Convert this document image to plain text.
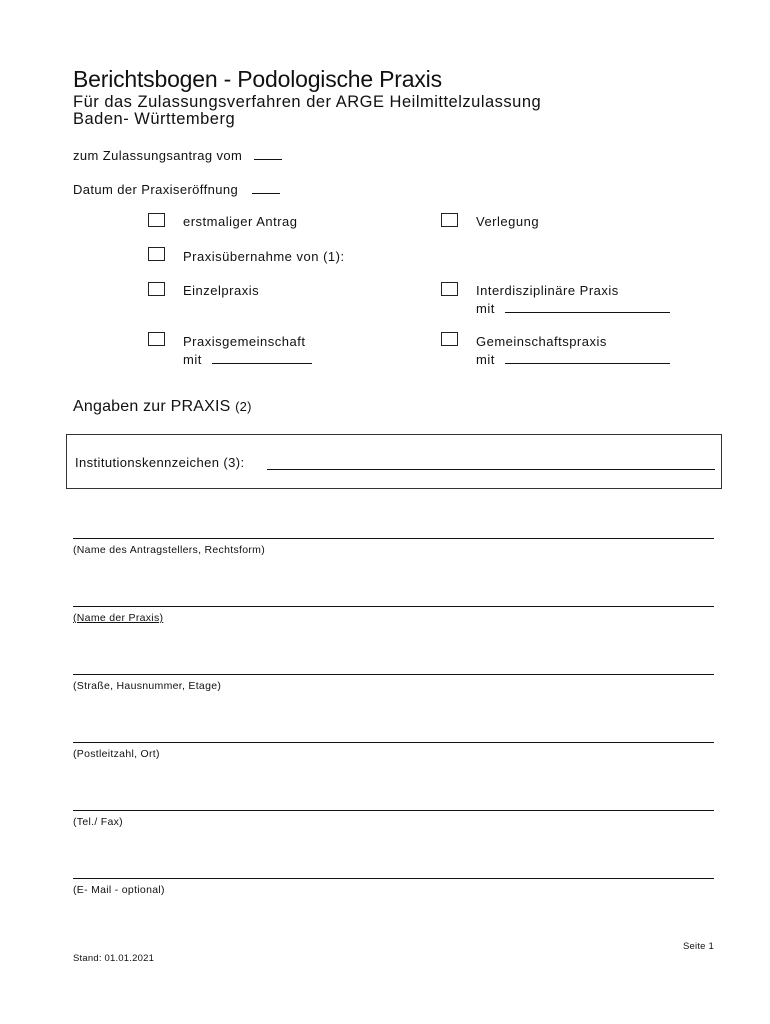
Berichtsbogen - Podologische Praxis
Für das Zulassungsverfahren der ARGE Heilmittelzulassung
Baden- Württemberg
zum Zulassungsantrag vom
Datum der Praxiseröffnung
erstmaliger Antrag	Verlegung
Praxisübernahme von (1):
Einzelpraxis	Interdisziplinäre Praxis
mit
Praxisgemeinschaft
mit
Gemeinschaftspraxis
mit
Angaben zur PRAXIS (2)
Institutionskennzeichen (3):
(Name des Antragstellers, Rechtsform)
(Name der Praxis)
(Straße, Hausnummer, Etage)
(Postleitzahl, Ort)
(Tel./ Fax)
(E- Mail - optional)
Seite 1
Stand: 01.01.2021
